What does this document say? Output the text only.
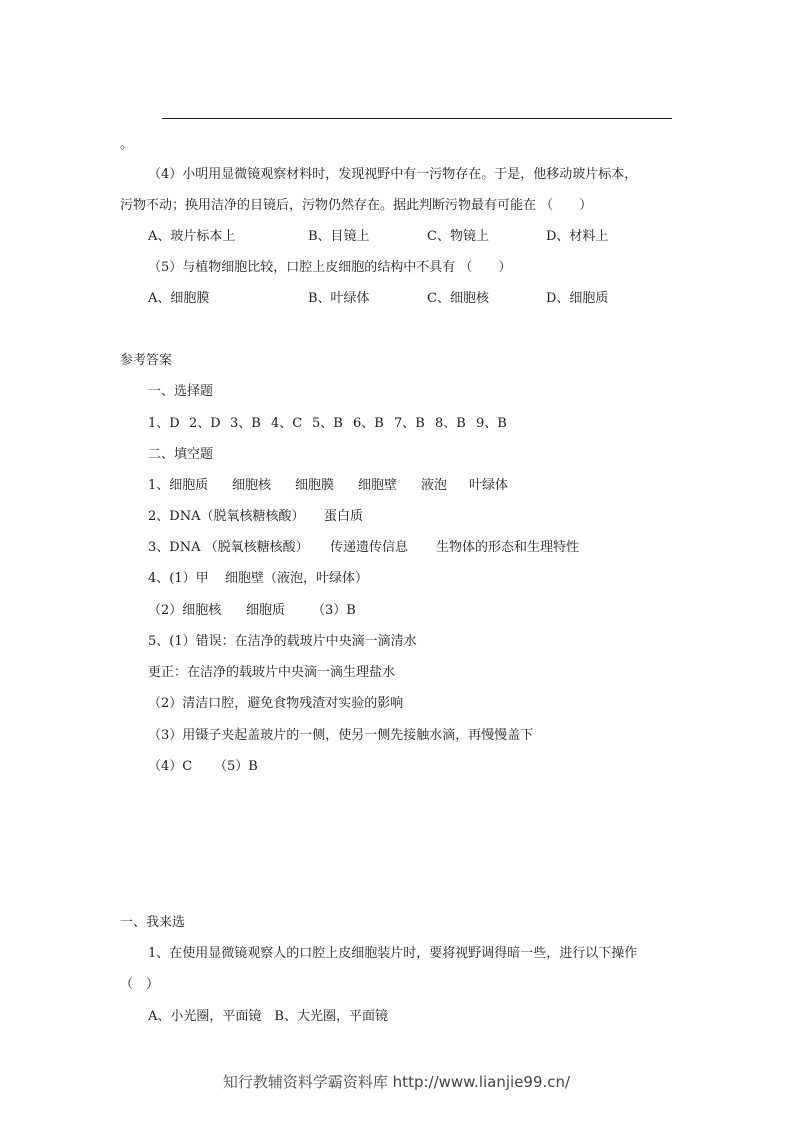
。
（4）小明用显微镜观察材料时，发现视野中有一污物存在。于是，他移动玻片标本，
污物不动；换用洁净的目镜后，污物仍然存在。据此判断污物最有可能在 （　　）
A、玻片标本上	B、目镜上	C、物镜上	D、材料上
（5）与植物细胞比较，口腔上皮细胞的结构中不具有 （　　）
A、细胞膜	B、叶绿体	C、细胞核	D、细胞质
参考答案
一、选择题
1、D 2、D 3、B 4、C 5、B 6、B 7、B 8、B 9、B
二、填空题
1、细胞质 细胞核 细胞膜 细胞壁 液泡 叶绿体
2、DNA（脱氧核糖核酸） 蛋白质
3、DNA （脱氧核糖核酸） 传递遗传信息 生物体的形态和生理特性
4、(1）甲 细胞壁（液泡，叶绿体）
（2）细胞核 细胞质 （3）B
5、(1）错误：在洁净的载玻片中央滴一滴清水
更正：在洁净的载玻片中央滴一滴生理盐水
（2）清洁口腔，避免食物残渣对实验的影响
（3）用镊子夹起盖玻片的一侧，使另一侧先接触水滴，再慢慢盖下
（4）C （5）B
一、我来选
1、在使用显微镜观察人的口腔上皮细胞装片时，要将视野调得暗一些，进行以下操作
（　）
A、小光圈，平面镜　B、大光圈，平面镜
知行教辅资料学霸资料库 http://www.lianjie99.cn/
